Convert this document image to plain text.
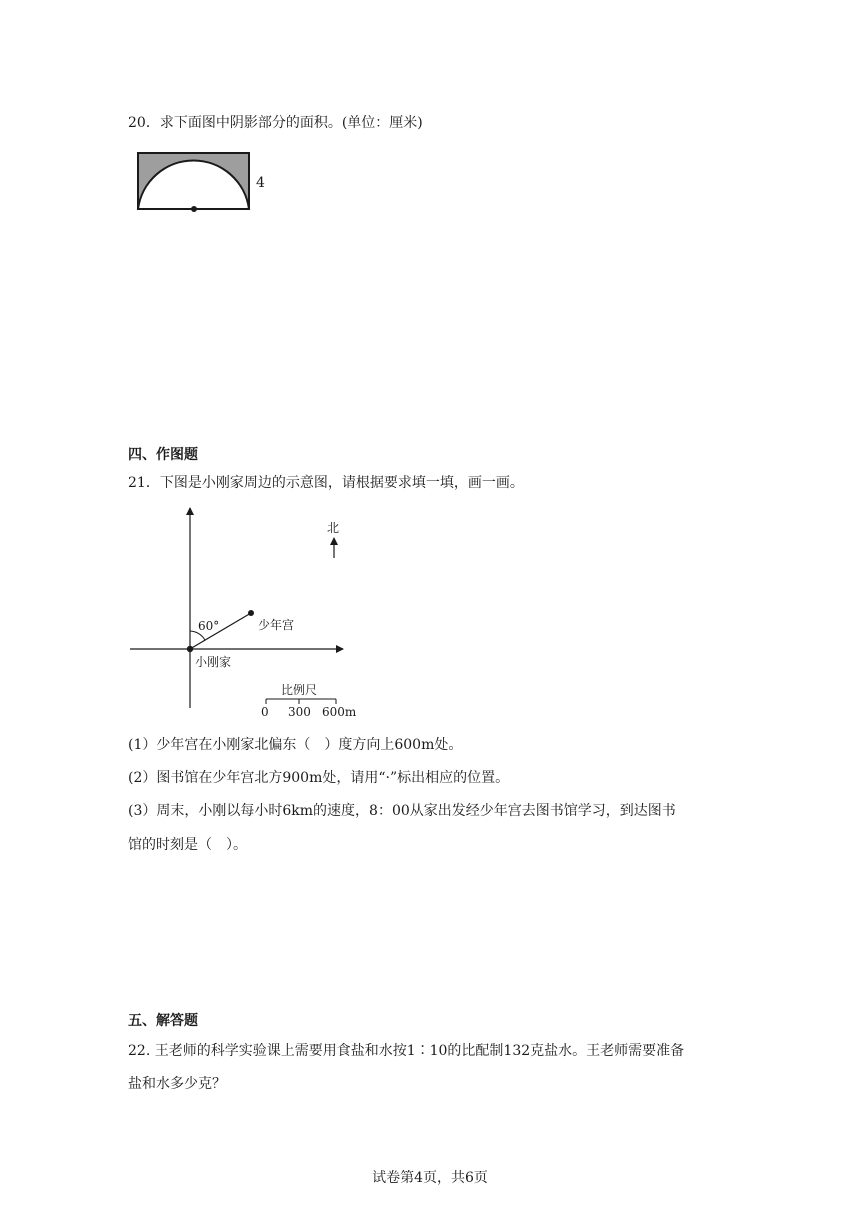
20．求下面图中阴影部分的面积。(单位：厘米)
4
四、作图题
21．下图是小刚家周边的示意图，请根据要求填一填，画一画。
60°	少年宫
小刚家
北
比例尺
0 300 600m
(1）少年宫在小刚家北偏东（　）度方向上600m处。
(2）图书馆在少年宫北方900m处，请用“·”标出相应的位置。
(3）周末，小刚以每小时6km的速度，8：00从家出发经少年宫去图书馆学习，到达图书
馆的时刻是（　）。
五、解答题
22. 王老师的科学实验课上需要用食盐和水按1∶10的比配制132克盐水。王老师需要准备
盐和水多少克？
试卷第4页，共6页
